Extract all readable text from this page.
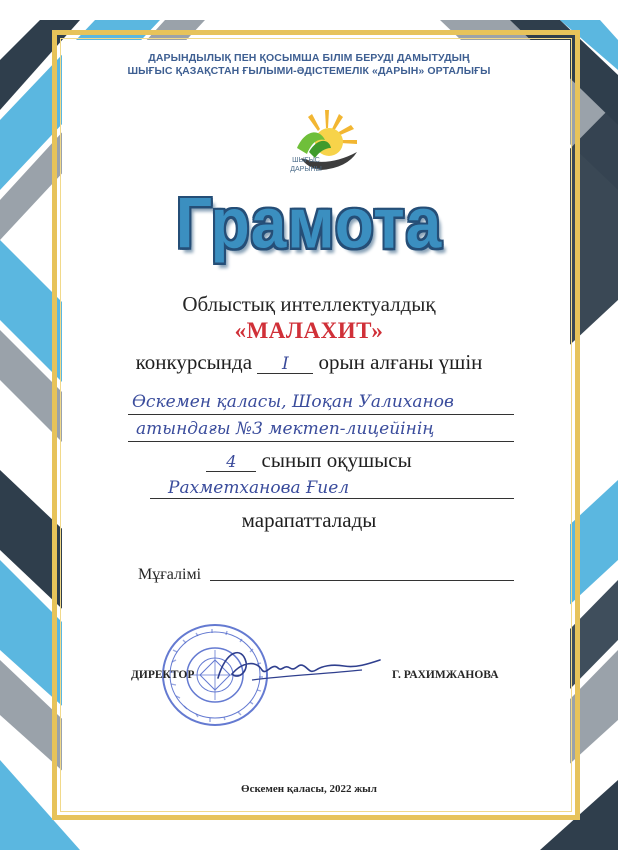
ДАРЫНДЫЛЫҚ ПЕН ҚОСЫМША БІЛІМ БЕРУДІ ДАМЫТУДЫҢ
ШЫҒЫС ҚАЗАҚСТАН ҒЫЛЫМИ-ӘДІСТЕМЕЛІК «ДАРЫН» ОРТАЛЫҒЫ
ШЫҒЫС
ДАРЫНЫ
Грамота
Облыстық интеллектуалдық
«МАЛАХИТ»
конкурсында I орын алғаны үшін
Өскемен қаласы, Шоқан Уалиханов
атындағы №3 мектеп-лицейінің
4 сынып оқушысы
Рахметханова Ғиел
марапатталады
Мұғалімі
ДИРЕКТОР	Г. РАХИМЖАНОВА
Өскемен қаласы, 2022 жыл
